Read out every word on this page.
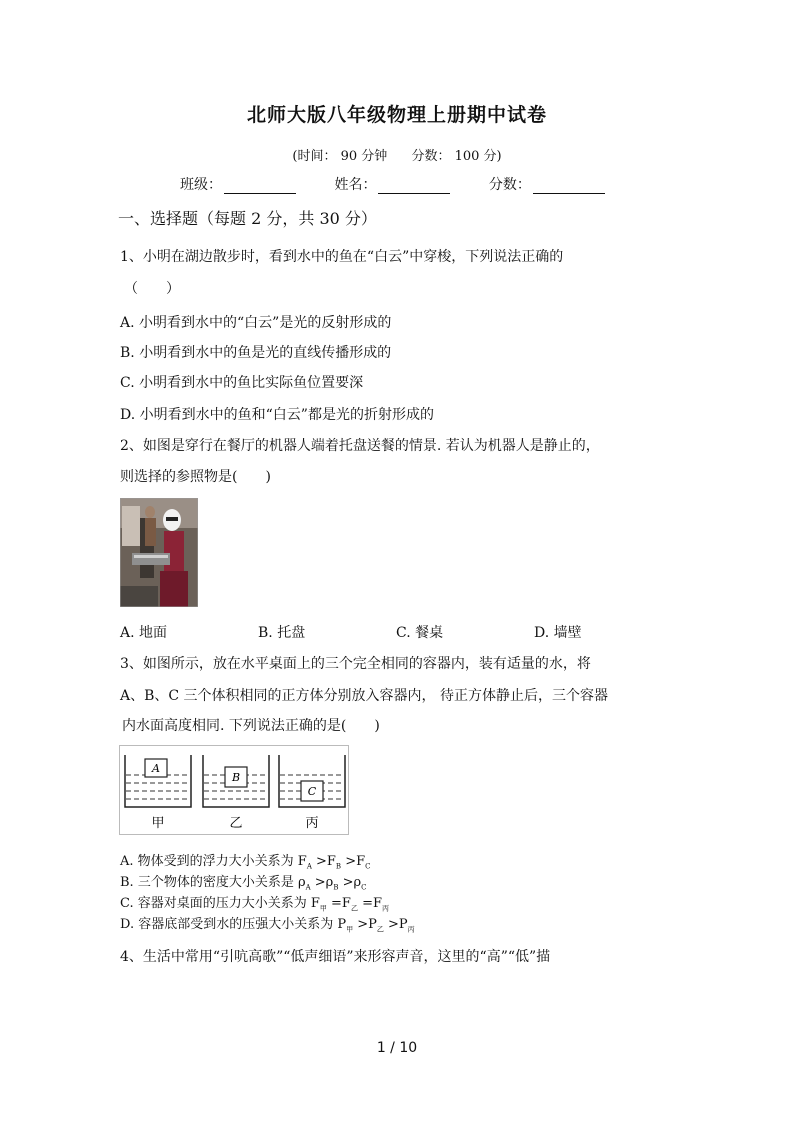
北师大版八年级物理上册期中试卷
(时间： 90 分钟 分数： 100 分)
班级：	姓名：	分数：
一、选择题（每题 2 分，共 30 分）
1、小明在湖边散步时，看到水中的鱼在“白云”中穿梭，下列说法正确的
（　　）
A. 小明看到水中的“白云”是光的反射形成的
B. 小明看到水中的鱼是光的直线传播形成的
C. 小明看到水中的鱼比实际鱼位置要深
D. 小明看到水中的鱼和“白云”都是光的折射形成的
2、如图是穿行在餐厅的机器人端着托盘送餐的情景. 若认为机器人是静止的，
则选择的参照物是(　　)
A. 地面	B. 托盘	C. 餐桌	D. 墙壁
3、如图所示，放在水平桌面上的三个完全相同的容器内，装有适量的水，将
A、B、C 三个体积相同的正方体分别放入容器内， 待正方体静止后，三个容器
内水面高度相同. 下列说法正确的是(　　)
A
B
C
甲	乙	丙
A. 物体受到的浮力大小关系为 $F_A >F_B >F_C$
B. 三个物体的密度大小关系是 $\rho_A >\rho_B >\rho_C$
C. 容器对桌面的压力大小关系为 $F_甲 =F_乙 =F_丙$
D. 容器底部受到水的压强大小关系为 $P_甲 >P_乙 >P_丙$
4、生活中常用“引吭高歌”“低声细语”来形容声音，这里的“高”“低”描
1 / 10
